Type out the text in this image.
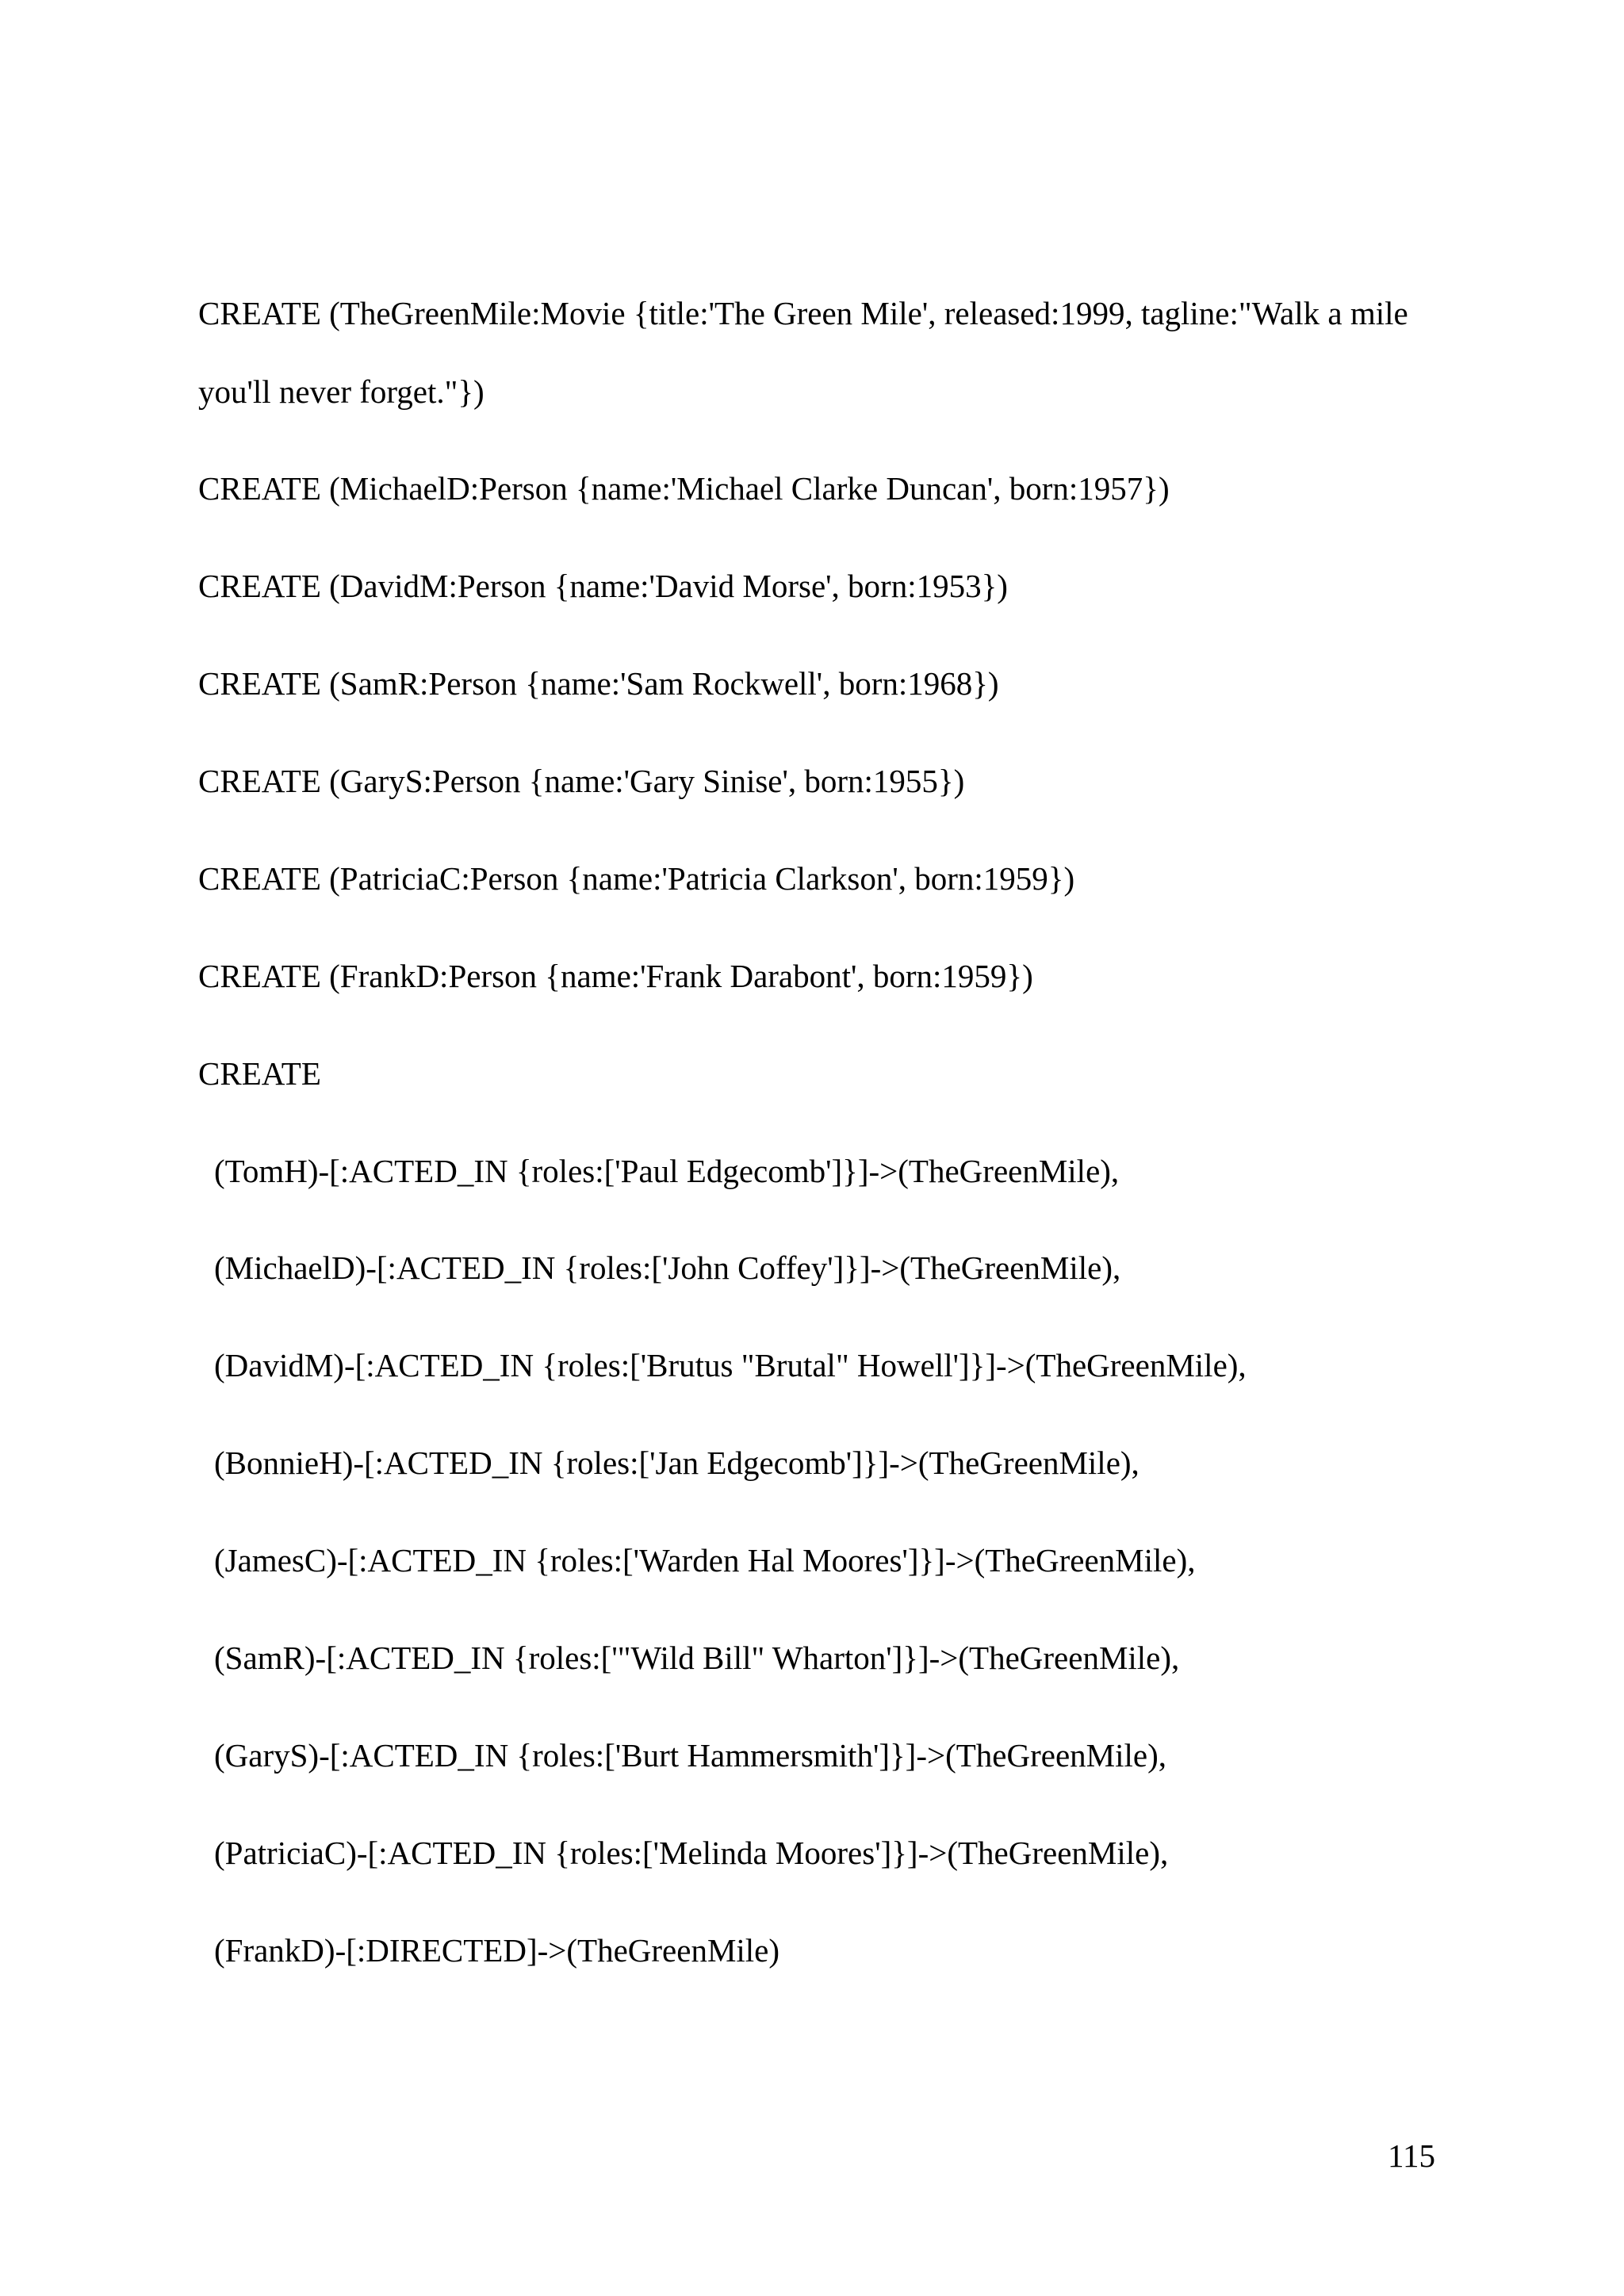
CREATE (TheGreenMile:Movie {title:'The Green Mile', released:1999, tagline:"Walk a mile
you'll never forget."})
CREATE (MichaelD:Person {name:'Michael Clarke Duncan', born:1957})
CREATE (DavidM:Person {name:'David Morse', born:1953})
CREATE (SamR:Person {name:'Sam Rockwell', born:1968})
CREATE (GaryS:Person {name:'Gary Sinise', born:1955})
CREATE (PatriciaC:Person {name:'Patricia Clarkson', born:1959})
CREATE (FrankD:Person {name:'Frank Darabont', born:1959})
CREATE
(TomH)-[:ACTED_IN {roles:['Paul Edgecomb']}]->(TheGreenMile),
(MichaelD)-[:ACTED_IN {roles:['John Coffey']}]->(TheGreenMile),
(DavidM)-[:ACTED_IN {roles:['Brutus "Brutal" Howell']}]->(TheGreenMile),
(BonnieH)-[:ACTED_IN {roles:['Jan Edgecomb']}]->(TheGreenMile),
(JamesC)-[:ACTED_IN {roles:['Warden Hal Moores']}]->(TheGreenMile),
(SamR)-[:ACTED_IN {roles:['"Wild Bill" Wharton']}]->(TheGreenMile),
(GaryS)-[:ACTED_IN {roles:['Burt Hammersmith']}]->(TheGreenMile),
(PatriciaC)-[:ACTED_IN {roles:['Melinda Moores']}]->(TheGreenMile),
(FrankD)-[:DIRECTED]->(TheGreenMile)
115
